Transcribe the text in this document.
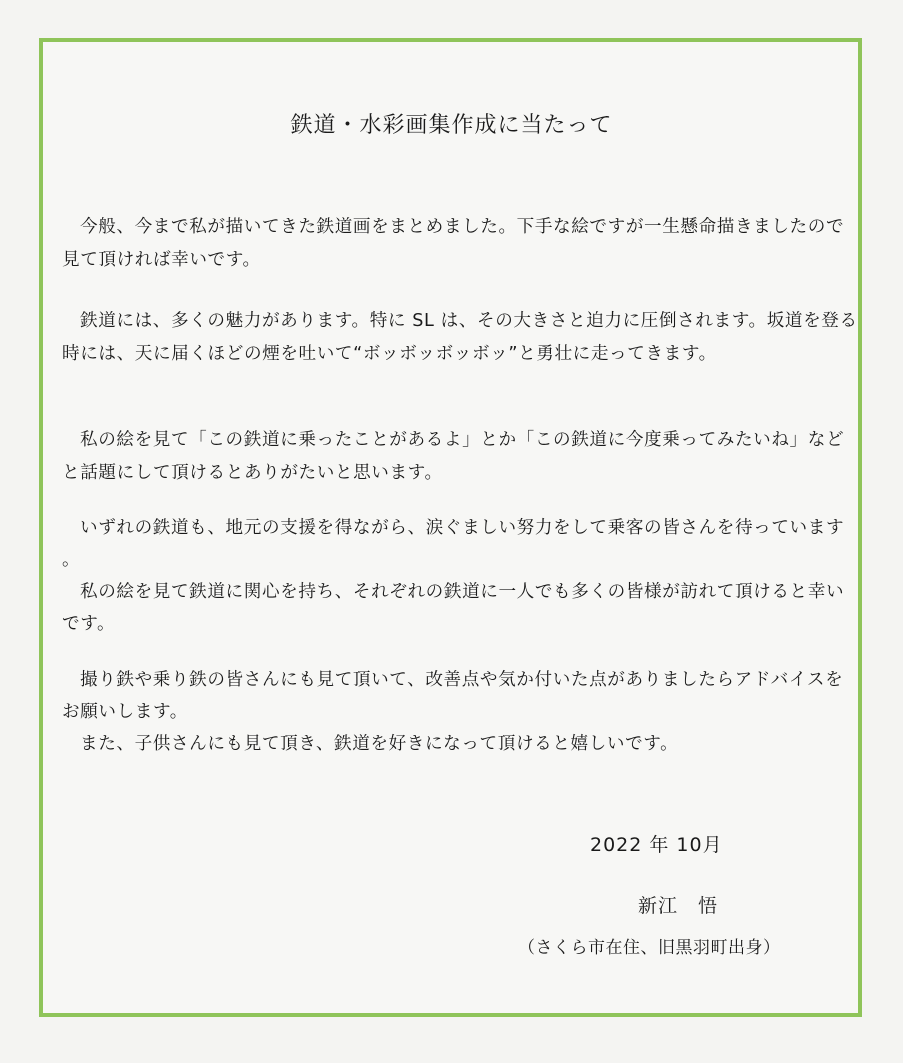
鉄道・水彩画集作成に当たって

今般、今まで私が描いてきた鉄道画をまとめました。下手な絵ですが一生懸命描きましたので見て頂ければ幸いです。

鉄道には、多くの魅力があります。特に SL は、その大きさと迫力に圧倒されます。坂道を登る時には、天に届くほどの煙を吐いて“ボッボッボッボッ”と勇壮に走ってきます。

私の絵を見て「この鉄道に乗ったことがあるよ」とか「この鉄道に今度乗ってみたいね」などと話題にして頂けるとありがたいと思います。

いずれの鉄道も、地元の支援を得ながら、涙ぐましい努力をして乗客の皆さんを待っています。

私の絵を見て鉄道に関心を持ち、それぞれの鉄道に一人でも多くの皆様が訪れて頂けると幸いです。

撮り鉄や乗り鉄の皆さんにも見て頂いて、改善点や気か付いた点がありましたらアドバイスをお願いします。

また、子供さんにも見て頂き、鉄道を好きになって頂けると嬉しいです。

2022 年 10月

新江　悟

（さくら市在住、旧黒羽町出身）
